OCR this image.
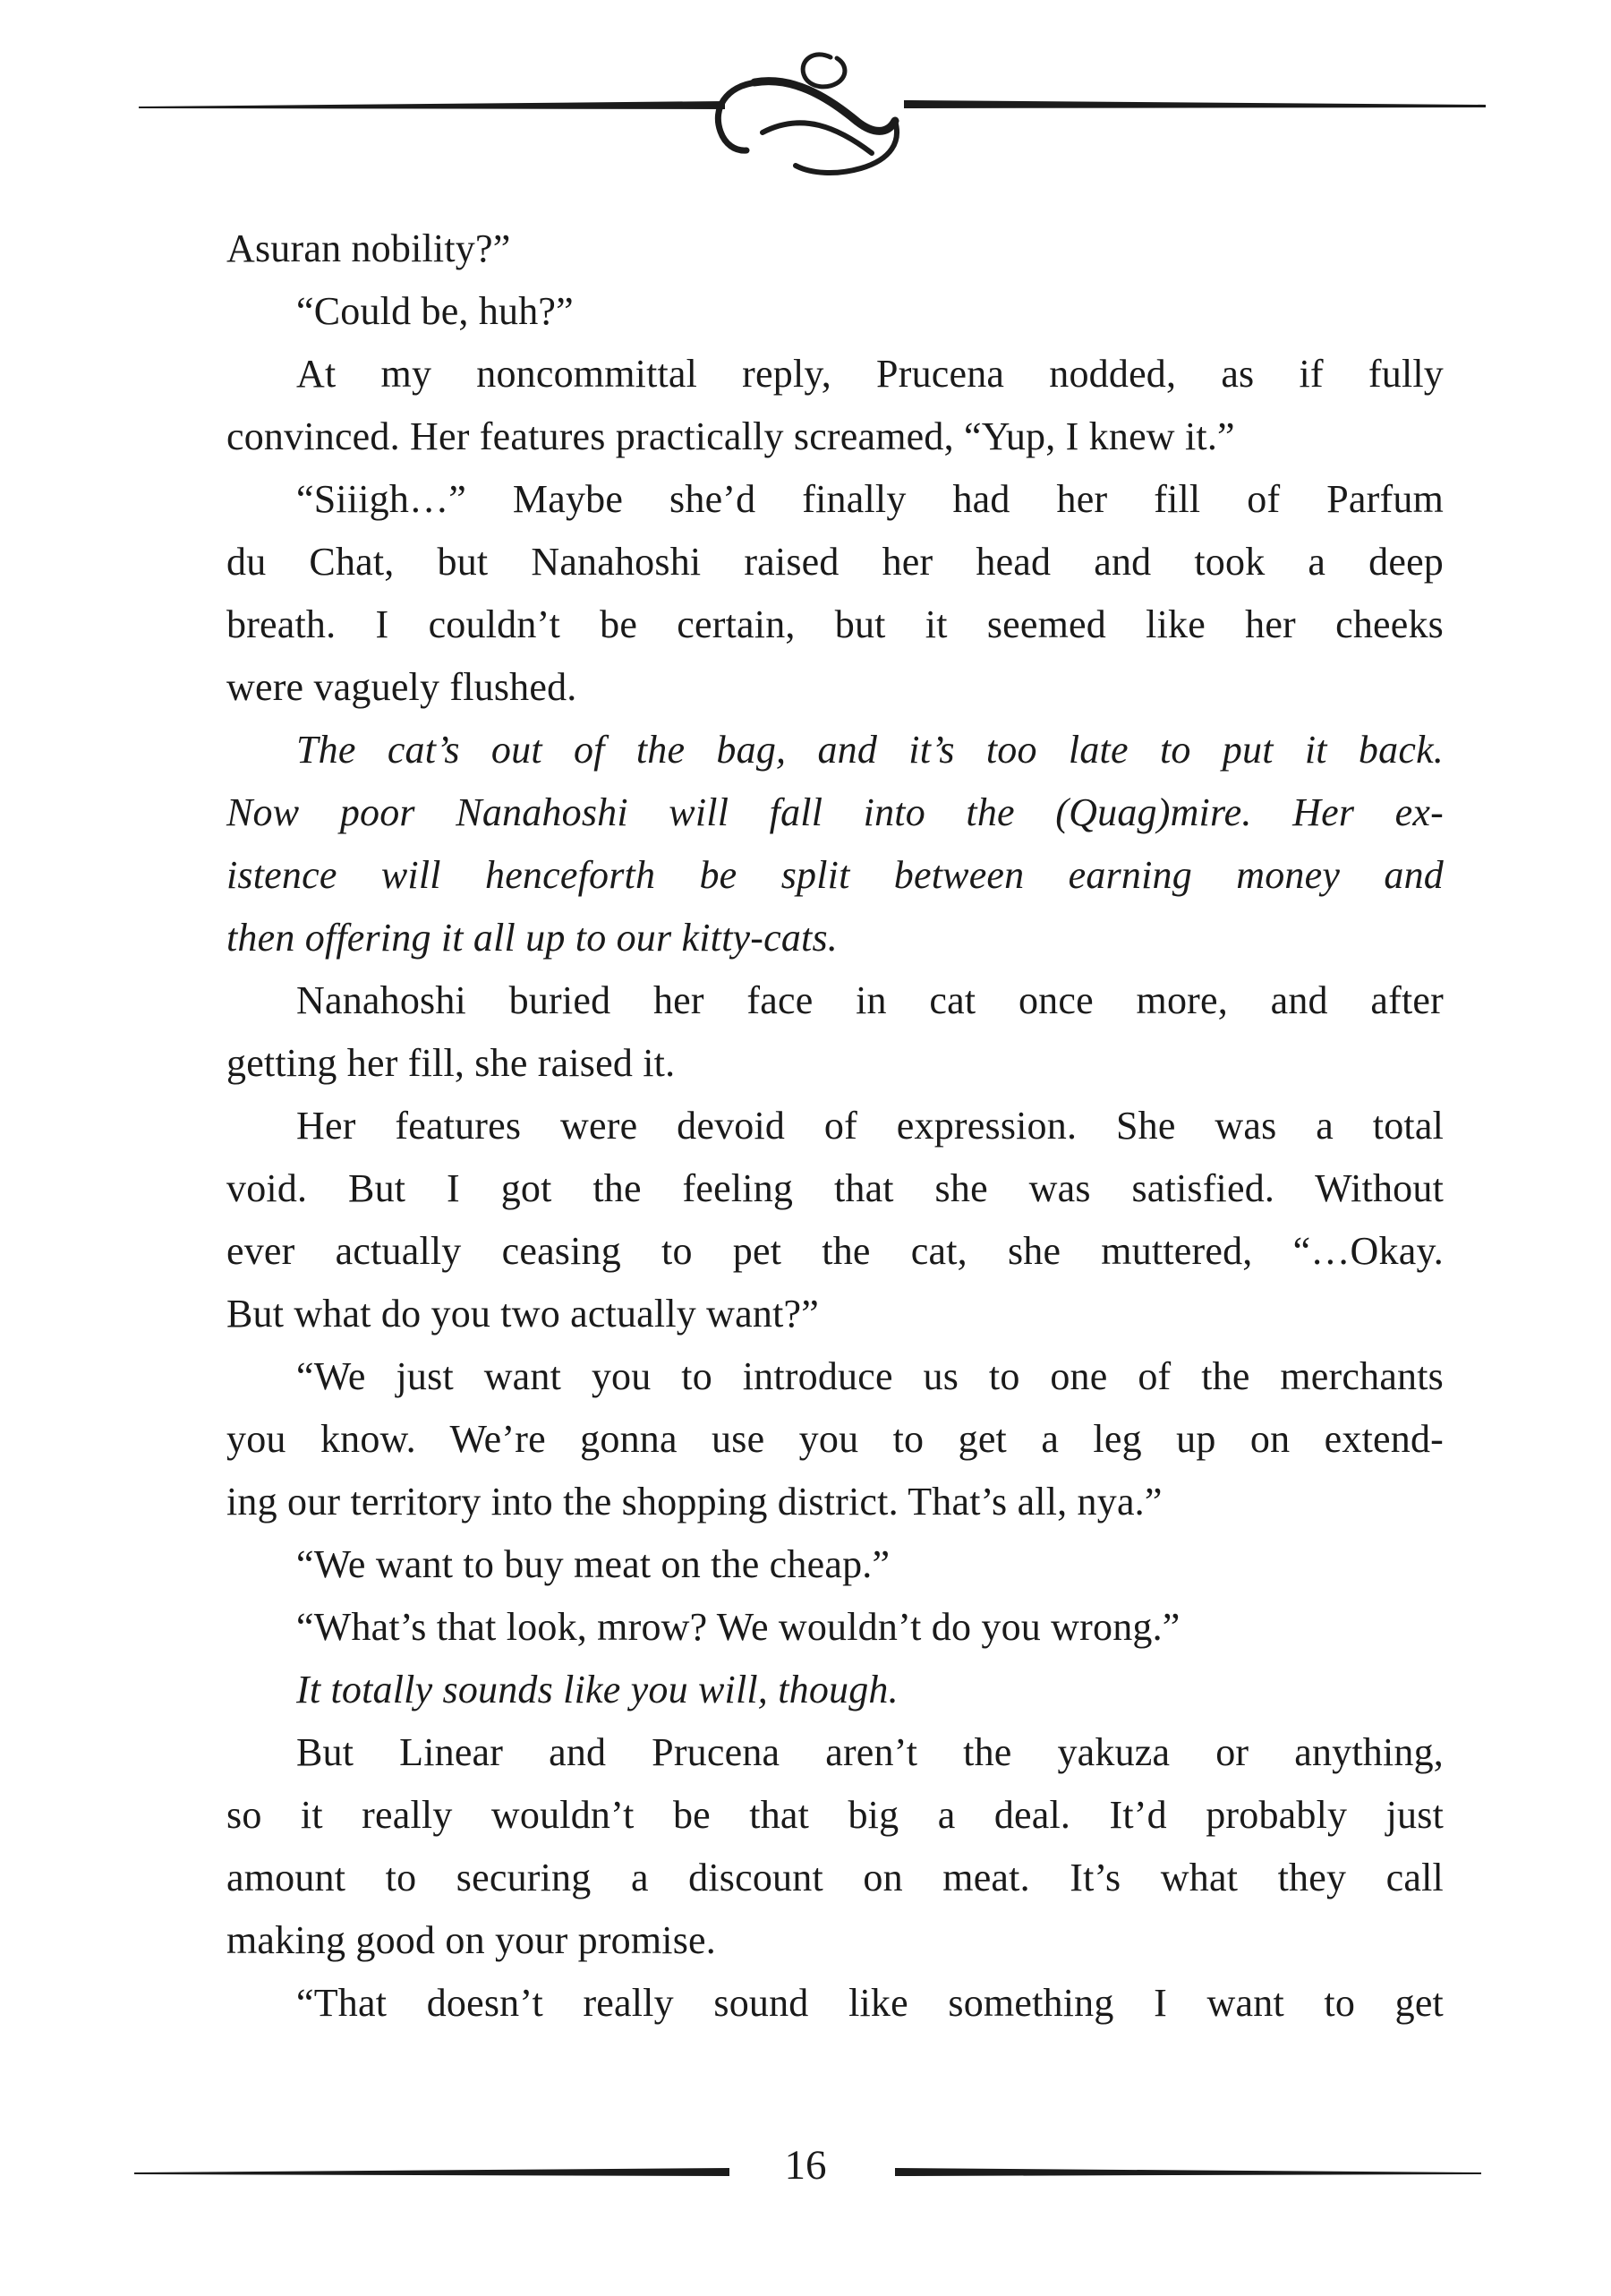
Asuran nobility?”

“Could be, huh?”

At my noncommittal reply, Prucena nodded, as if fully
convinced. Her features practically screamed, “Yup, I knew it.”

“Siiigh…” Maybe she’d finally had her fill of Parfum
du Chat, but Nanahoshi raised her head and took a deep
breath. I couldn’t be certain, but it seemed like her cheeks
were vaguely flushed.

The cat’s out of the bag, and it’s too late to put it back.
Now poor Nanahoshi will fall into the (Quag)mire. Her ex-
istence will henceforth be split between earning money and
then offering it all up to our kitty-cats.

Nanahoshi buried her face in cat once more, and after
getting her fill, she raised it.

Her features were devoid of expression. She was a total
void. But I got the feeling that she was satisfied. Without
ever actually ceasing to pet the cat, she muttered, “…Okay.
But what do you two actually want?”

“We just want you to introduce us to one of the merchants
you know. We’re gonna use you to get a leg up on extend-
ing our territory into the shopping district. That’s all, nya.”

“We want to buy meat on the cheap.”

“What’s that look, mrow? We wouldn’t do you wrong.”

It totally sounds like you will, though.

But Linear and Prucena aren’t the yakuza or anything,
so it really wouldn’t be that big a deal. It’d probably just
amount to securing a discount on meat. It’s what they call
making good on your promise.

“That doesn’t really sound like something I want to get

16
